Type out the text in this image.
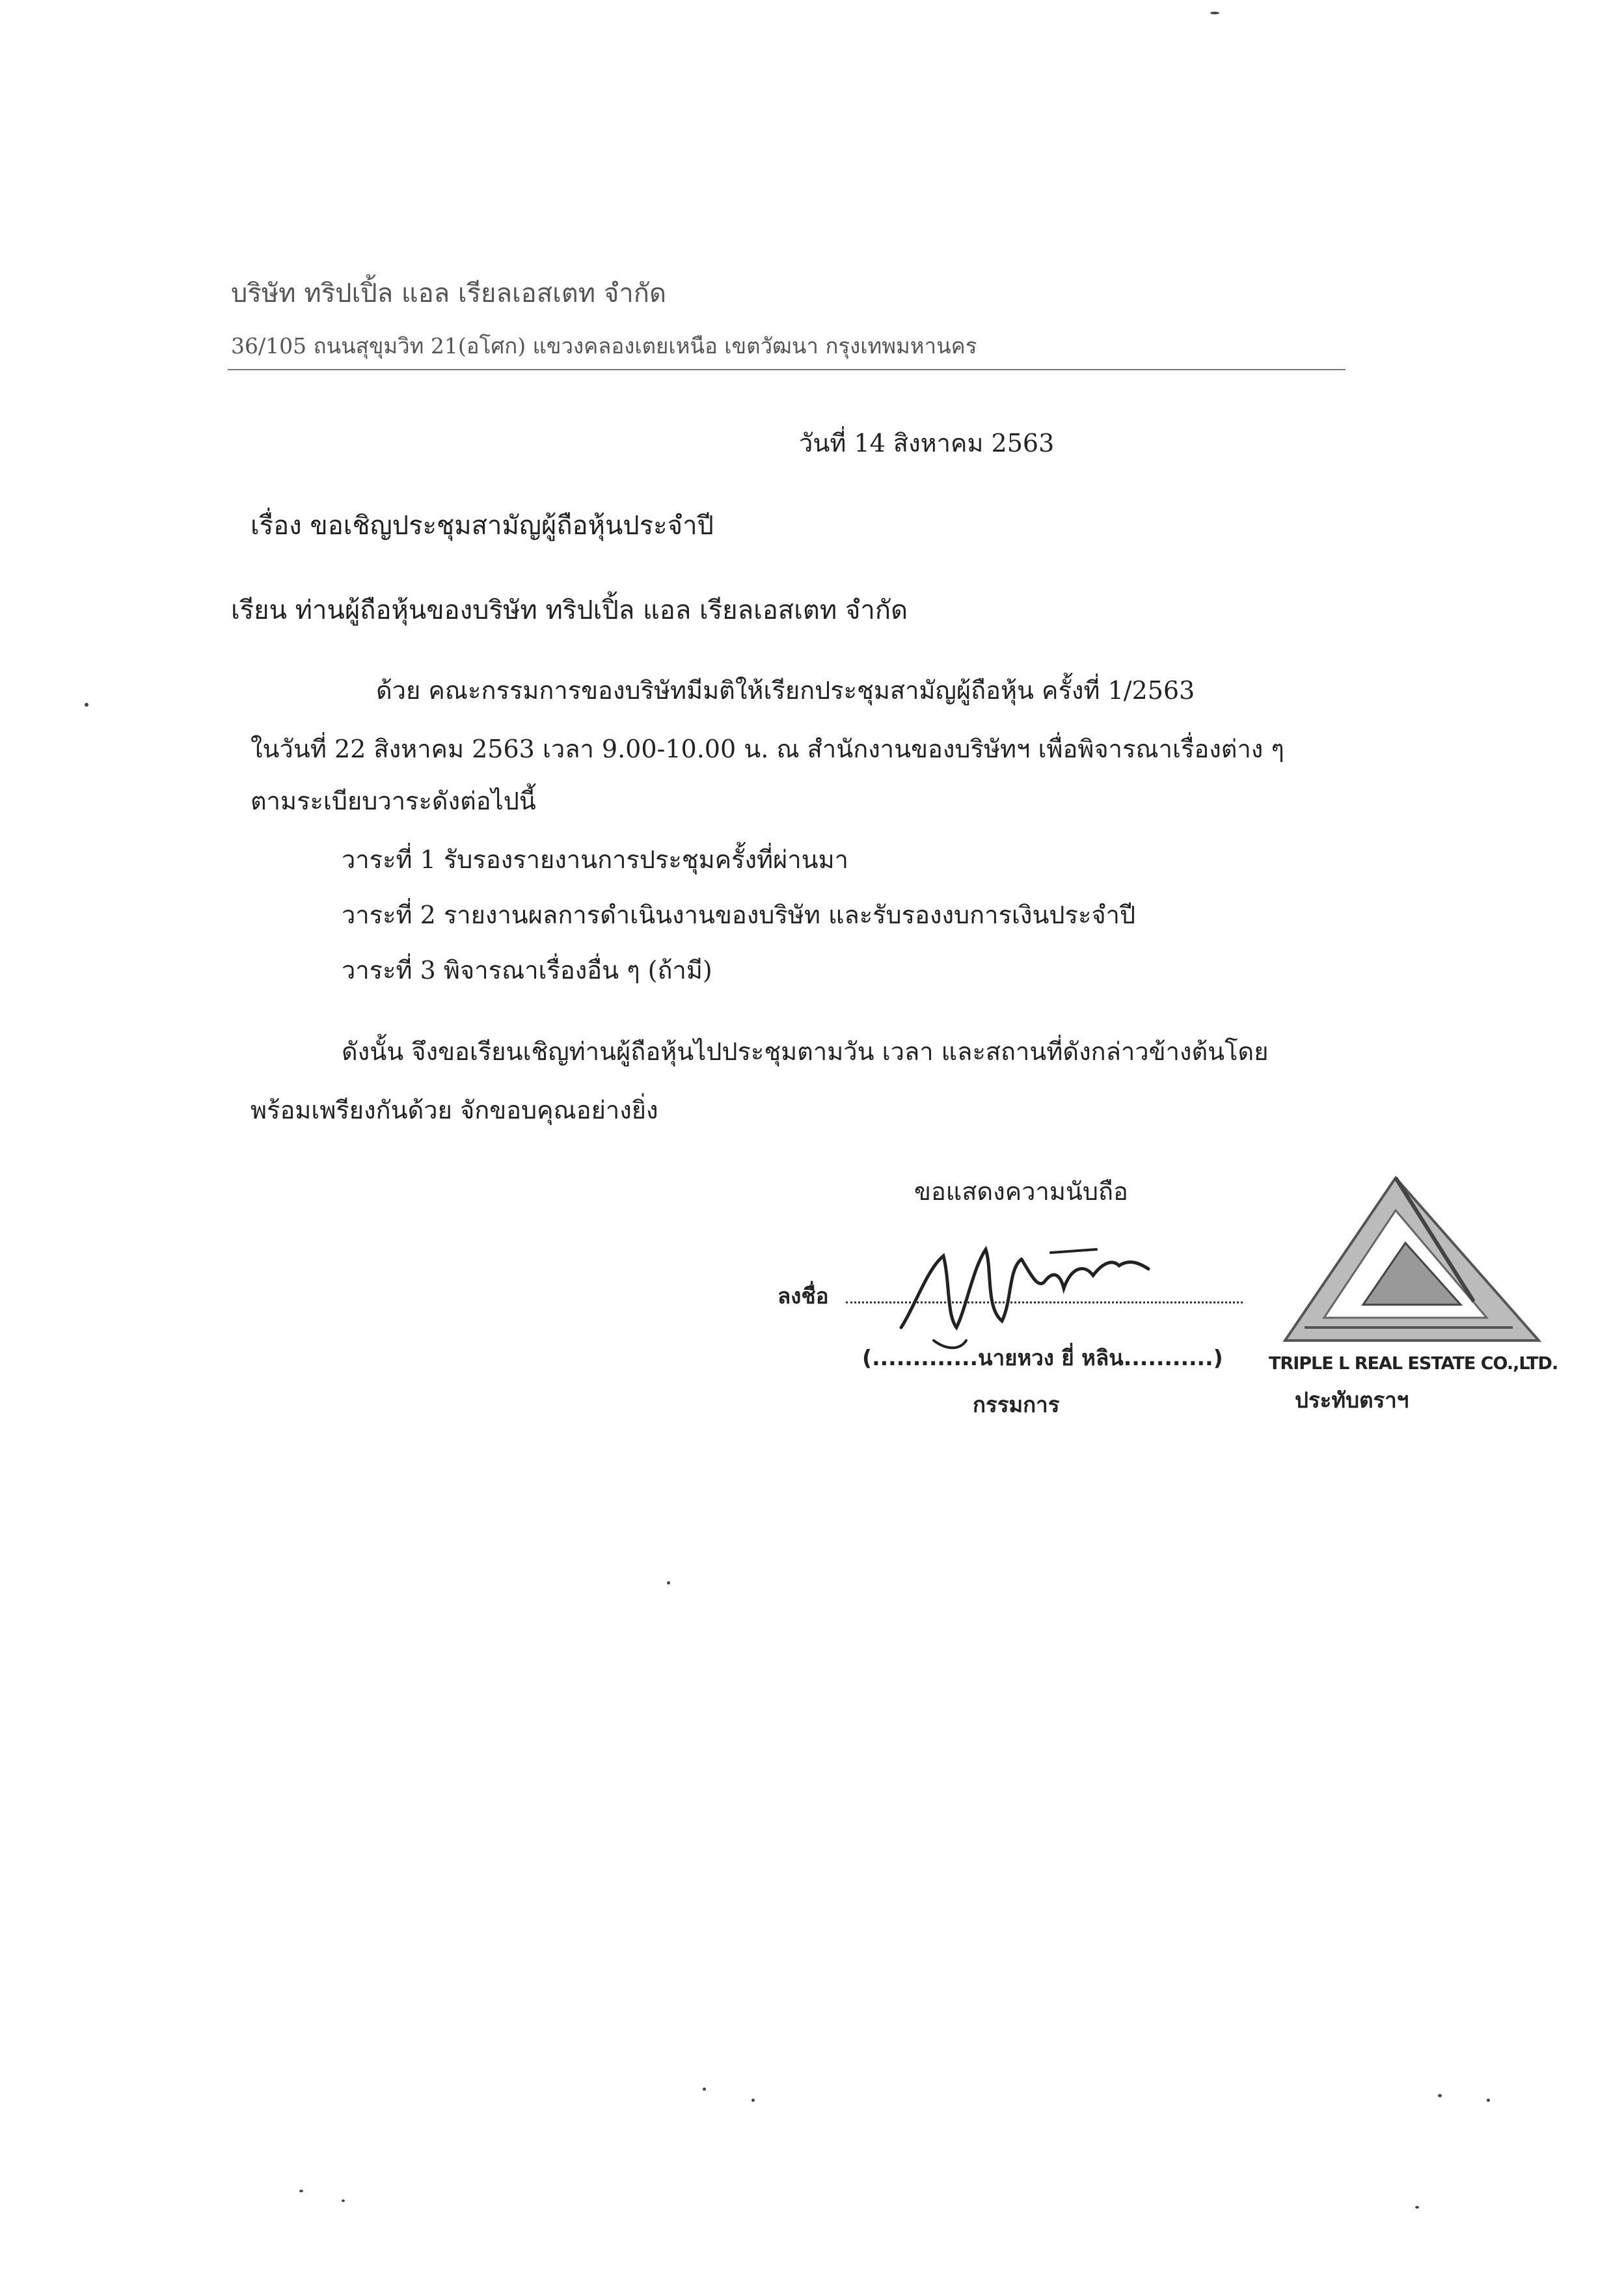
บริษัท ทริปเปิ้ล แอล เรียลเอสเตท จำกัด
36/105 ถนนสุขุมวิท 21(อโศก) แขวงคลองเตยเหนือ เขตวัฒนา กรุงเทพมหานคร
วันที่ 14 สิงหาคม 2563
เรื่อง ขอเชิญประชุมสามัญผู้ถือหุ้นประจำปี
เรียน ท่านผู้ถือหุ้นของบริษัท ทริปเปิ้ล แอล เรียลเอสเตท จำกัด
ด้วย คณะกรรมการของบริษัทมีมติให้เรียกประชุมสามัญผู้ถือหุ้น ครั้งที่ 1/2563
ในวันที่ 22 สิงหาคม 2563 เวลา 9.00-10.00 น. ณ สำนักงานของบริษัทฯ เพื่อพิจารณาเรื่องต่าง ๆ
ตามระเบียบวาระดังต่อไปนี้
วาระที่ 1 รับรองรายงานการประชุมครั้งที่ผ่านมา
วาระที่ 2 รายงานผลการดำเนินงานของบริษัท และรับรองงบการเงินประจำปี
วาระที่ 3 พิจารณาเรื่องอื่น ๆ (ถ้ามี)
ดังนั้น จึงขอเรียนเชิญท่านผู้ถือหุ้นไปประชุมตามวัน เวลา และสถานที่ดังกล่าวข้างต้นโดย
พร้อมเพรียงกันด้วย จักขอบคุณอย่างยิ่ง
ขอแสดงความนับถือ
ลงชื่อ
(.............นายหวง ยี่ หลิน...........)
กรรมการ
TRIPLE L REAL ESTATE CO.,LTD.
ประทับตราฯ
